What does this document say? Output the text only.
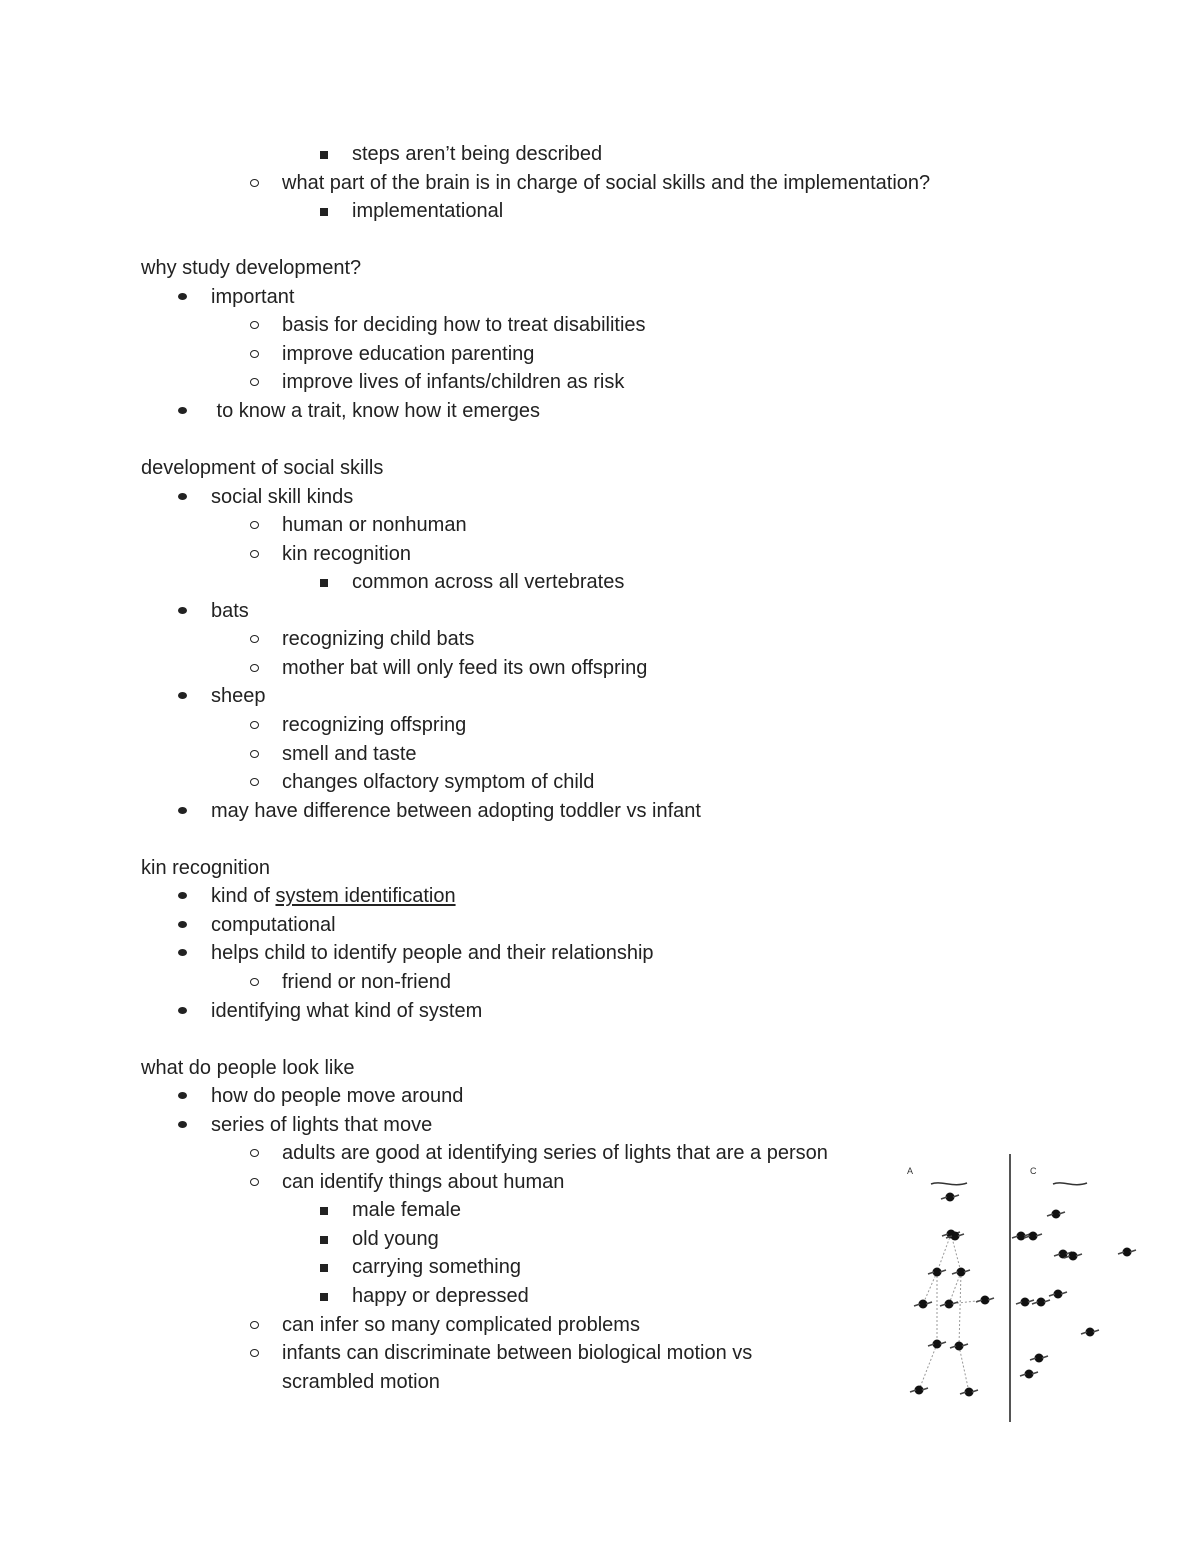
steps aren’t being described
what part of the brain is in charge of social skills and the implementation?
implementational
why study development?
important
basis for deciding how to treat disabilities
improve education parenting
improve lives of infants/children as risk
to know a trait, know how it emerges
development of social skills
social skill kinds
human or nonhuman
kin recognition
common across all vertebrates
bats
recognizing child bats
mother bat will only feed its own offspring
sheep
recognizing offspring
smell and taste
changes olfactory symptom of child
may have difference between adopting toddler vs infant
kin recognition
kind of system identification
computational
helps child to identify people and their relationship
friend or non-friend
identifying what kind of system
what do people look like
how do people move around
series of lights that move
adults are good at identifying series of lights that are a person
can identify things about human
male female
old young
carrying something
happy or depressed
can infer so many complicated problems
infants can discriminate between biological motion vs
scrambled motion
A	C
